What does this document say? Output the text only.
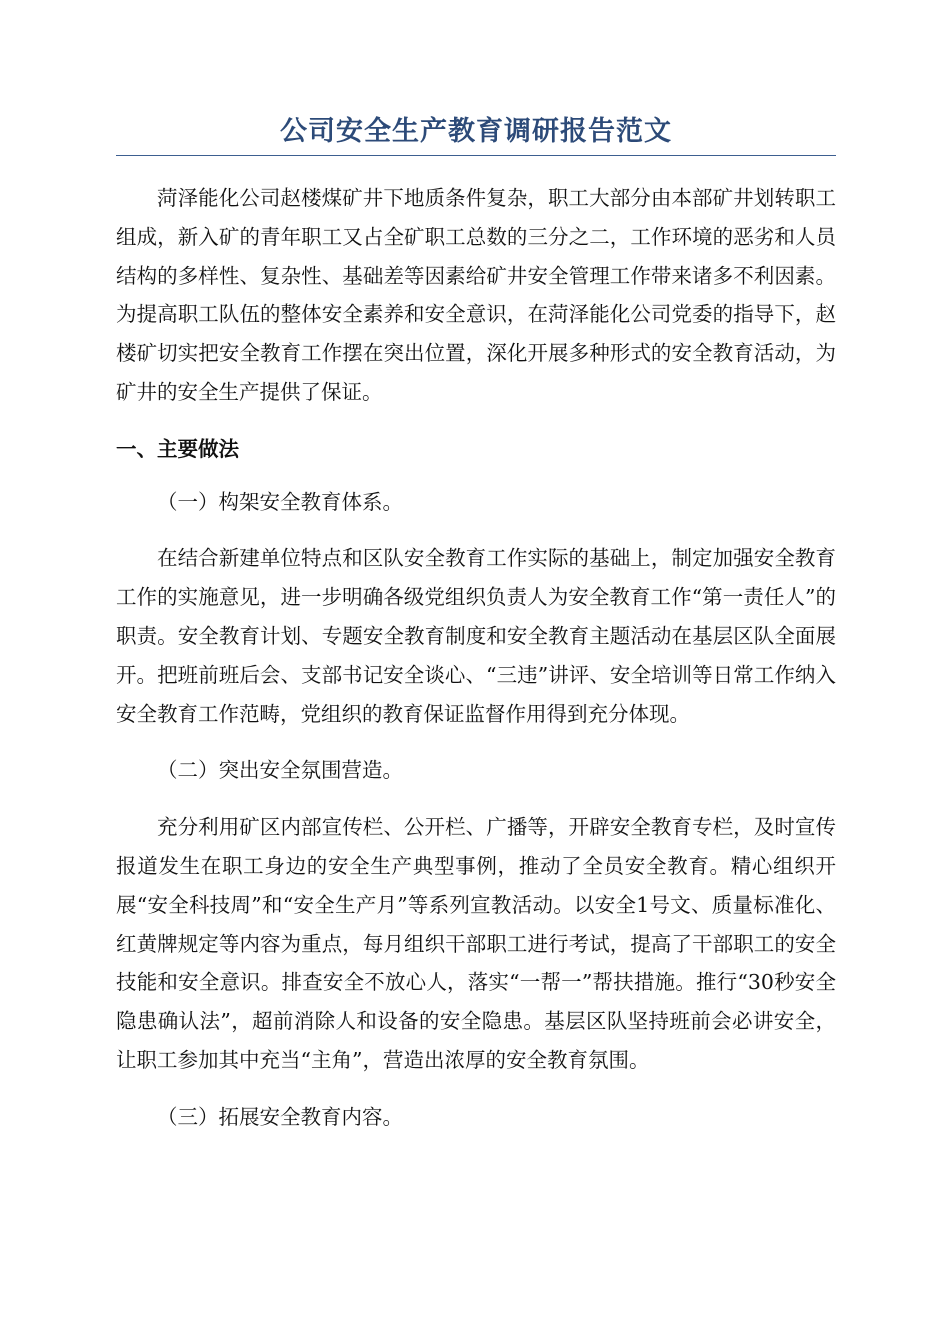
公司安全生产教育调研报告范文

菏泽能化公司赵楼煤矿井下地质条件复杂，职工大部分由本部矿井划转职工组成，新入矿的青年职工又占全矿职工总数的三分之二，工作环境的恶劣和人员结构的多样性、复杂性、基础差等因素给矿井安全管理工作带来诸多不利因素。为提高职工队伍的整体安全素养和安全意识，在菏泽能化公司党委的指导下，赵楼矿切实把安全教育工作摆在突出位置，深化开展多种形式的安全教育活动，为矿井的安全生产提供了保证。

一、主要做法
（一）构架安全教育体系。

在结合新建单位特点和区队安全教育工作实际的基础上，制定加强安全教育工作的实施意见，进一步明确各级党组织负责人为安全教育工作“第一责任人”的职责。安全教育计划、专题安全教育制度和安全教育主题活动在基层区队全面展开。把班前班后会、支部书记安全谈心、“三违”讲评、安全培训等日常工作纳入安全教育工作范畴，党组织的教育保证监督作用得到充分体现。

（二）突出安全氛围营造。

充分利用矿区内部宣传栏、公开栏、广播等，开辟安全教育专栏，及时宣传报道发生在职工身边的安全生产典型事例，推动了全员安全教育。精心组织开展“安全科技周”和“安全生产月”等系列宣教活动。以安全1号文、质量标准化、红黄牌规定等内容为重点，每月组织干部职工进行考试，提高了干部职工的安全技能和安全意识。排查安全不放心人，落实“一帮一”帮扶措施。推行“30秒安全隐患确认法”，超前消除人和设备的安全隐患。基层区队坚持班前会必讲安全，让职工参加其中充当“主角”，营造出浓厚的安全教育氛围。

（三）拓展安全教育内容。
